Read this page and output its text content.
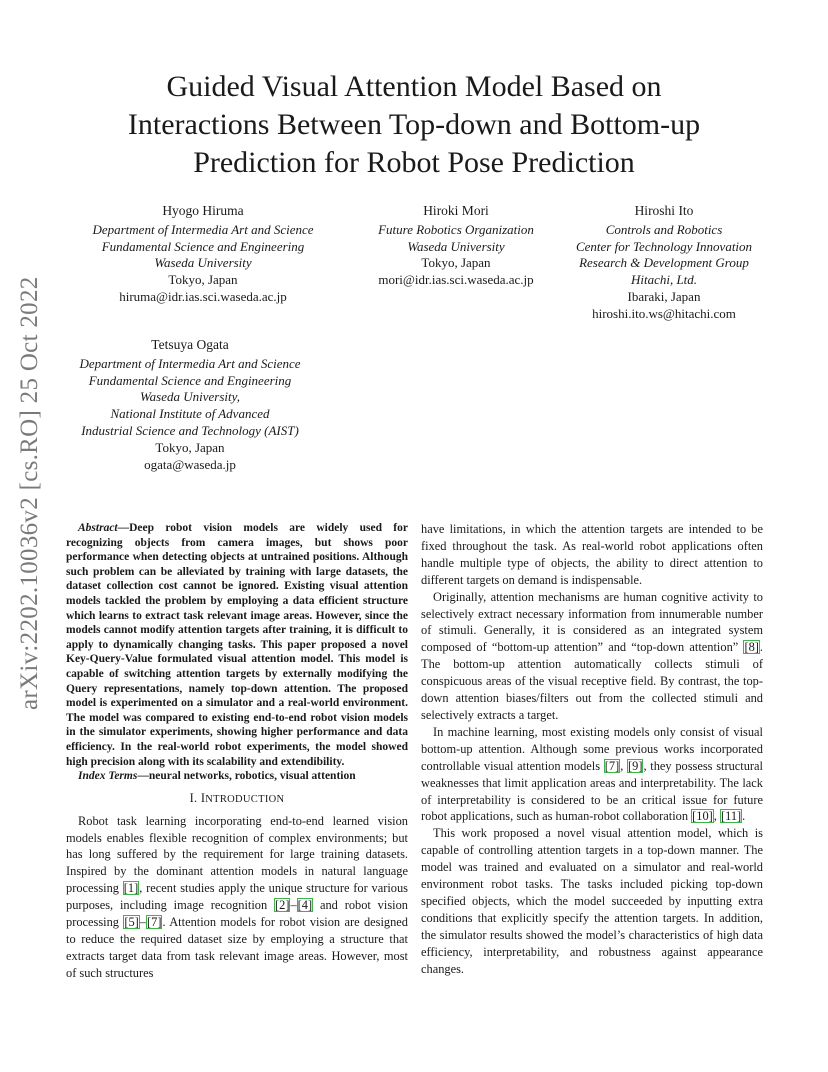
arXiv:2202.10036v2 [cs.RO] 25 Oct 2022
Guided Visual Attention Model Based on
Interactions Between Top-down and Bottom-up
Prediction for Robot Pose Prediction
Hyogo Hiruma
Department of Intermedia Art and Science
Fundamental Science and Engineering
Waseda University
Tokyo, Japan
hiruma@idr.ias.sci.waseda.ac.jp
Hiroki Mori
Future Robotics Organization
Waseda University
Tokyo, Japan
mori@idr.ias.sci.waseda.ac.jp
Hiroshi Ito
Controls and Robotics
Center for Technology Innovation
Research & Development Group
Hitachi, Ltd.
Ibaraki, Japan
hiroshi.ito.ws@hitachi.com
Tetsuya Ogata
Department of Intermedia Art and Science
Fundamental Science and Engineering
Waseda University,
National Institute of Advanced
Industrial Science and Technology (AIST)
Tokyo, Japan
ogata@waseda.jp

Abstract—Deep robot vision models are widely used for recognizing objects from camera images, but shows poor performance when detecting objects at untrained positions. Although such problem can be alleviated by training with large datasets, the dataset collection cost cannot be ignored. Existing visual attention models tackled the problem by employing a data efficient structure which learns to extract task relevant image areas. However, since the models cannot modify attention targets after training, it is difficult to apply to dynamically changing tasks. This paper proposed a novel Key-Query-Value formulated visual attention model. This model is capable of switching attention targets by externally modifying the Query representations, namely top-down attention. The proposed model is experimented on a simulator and a real-world environment. The model was compared to existing end-to-end robot vision models in the simulator experiments, showing higher performance and data efficiency. In the real-world robot experiments, the model showed high precision along with its scalability and extendibility.

Index Terms—neural networks, robotics, visual attention

I. INTRODUCTION

Robot task learning incorporating end-to-end learned vision models enables flexible recognition of complex environments; but has long suffered by the requirement for large training datasets. Inspired by the dominant attention models in natural language processing [1], recent studies apply the unique structure for various purposes, including image recognition [2]–[4] and robot vision processing [5]–[7]. Attention models for robot vision are designed to reduce the required dataset size by employing a structure that extracts target data from task relevant image areas. However, most of such structures

have limitations, in which the attention targets are intended to be fixed throughout the task. As real-world robot applications often handle multiple type of objects, the ability to direct attention to different targets on demand is indispensable.

Originally, attention mechanisms are human cognitive activity to selectively extract necessary information from innumerable number of stimuli. Generally, it is considered as an integrated system composed of “bottom-up attention” and “top-down attention” [8]. The bottom-up attention automatically collects stimuli of conspicuous areas of the visual receptive field. By contrast, the top-down attention biases/filters out from the collected stimuli and selectively extracts a target.

In machine learning, most existing models only consist of visual bottom-up attention. Although some previous works incorporated controllable visual attention models [7], [9], they possess structural weaknesses that limit application areas and interpretability. The lack of interpretability is considered to be an critical issue for future robot applications, such as human-robot collaboration [10], [11].

This work proposed a novel visual attention model, which is capable of controlling attention targets in a top-down manner. The model was trained and evaluated on a simulator and real-world environment robot tasks. The tasks included picking top-down specified objects, which the model succeeded by inputting extra conditions that explicitly specify the attention targets. In addition, the simulator results showed the model’s characteristics of high data efficiency, interpretability, and robustness against appearance changes.
